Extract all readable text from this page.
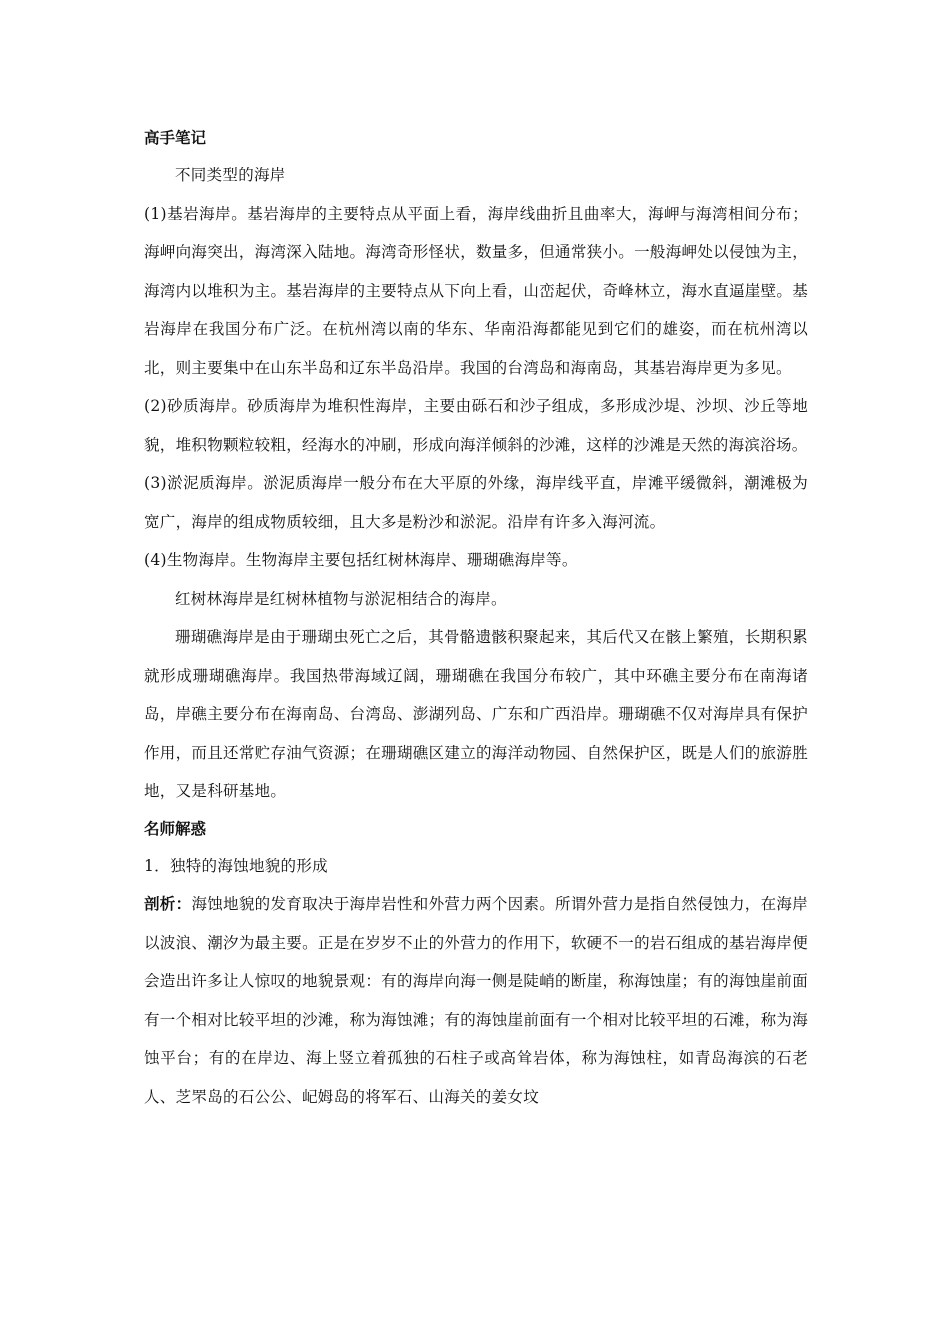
高手笔记

不同类型的海岸

(1)基岩海岸。基岩海岸的主要特点从平面上看，海岸线曲折且曲率大，海岬与海湾相间分布；海岬向海突出，海湾深入陆地。海湾奇形怪状，数量多，但通常狭小。一般海岬处以侵蚀为主，海湾内以堆积为主。基岩海岸的主要特点从下向上看，山峦起伏，奇峰林立，海水直逼崖壁。基岩海岸在我国分布广泛。在杭州湾以南的华东、华南沿海都能见到它们的雄姿，而在杭州湾以北，则主要集中在山东半岛和辽东半岛沿岸。我国的台湾岛和海南岛，其基岩海岸更为多见。

(2)砂质海岸。砂质海岸为堆积性海岸，主要由砾石和沙子组成，多形成沙堤、沙坝、沙丘等地貌，堆积物颗粒较粗，经海水的冲刷，形成向海洋倾斜的沙滩，这样的沙滩是天然的海滨浴场。

(3)淤泥质海岸。淤泥质海岸一般分布在大平原的外缘，海岸线平直，岸滩平缓微斜，潮滩极为宽广，海岸的组成物质较细，且大多是粉沙和淤泥。沿岸有许多入海河流。

(4)生物海岸。生物海岸主要包括红树林海岸、珊瑚礁海岸等。

红树林海岸是红树林植物与淤泥相结合的海岸。

珊瑚礁海岸是由于珊瑚虫死亡之后，其骨骼遗骸积聚起来，其后代又在骸上繁殖，长期积累就形成珊瑚礁海岸。我国热带海域辽阔，珊瑚礁在我国分布较广，其中环礁主要分布在南海诸岛，岸礁主要分布在海南岛、台湾岛、澎湖列岛、广东和广西沿岸。珊瑚礁不仅对海岸具有保护作用，而且还常贮存油气资源；在珊瑚礁区建立的海洋动物园、自然保护区，既是人们的旅游胜地，又是科研基地。

名师解惑

1．独特的海蚀地貌的形成

剖析：海蚀地貌的发育取决于海岸岩性和外营力两个因素。所谓外营力是指自然侵蚀力，在海岸以波浪、潮汐为最主要。正是在岁岁不止的外营力的作用下，软硬不一的岩石组成的基岩海岸便会造出许多让人惊叹的地貌景观：有的海岸向海一侧是陡峭的断崖，称海蚀崖；有的海蚀崖前面有一个相对比较平坦的沙滩，称为海蚀滩；有的海蚀崖前面有一个相对比较平坦的石滩，称为海蚀平台；有的在岸边、海上竖立着孤独的石柱子或高耸岩体，称为海蚀柱，如青岛海滨的石老人、芝罘岛的石公公、屺姆岛的将军石、山海关的姜女坟
